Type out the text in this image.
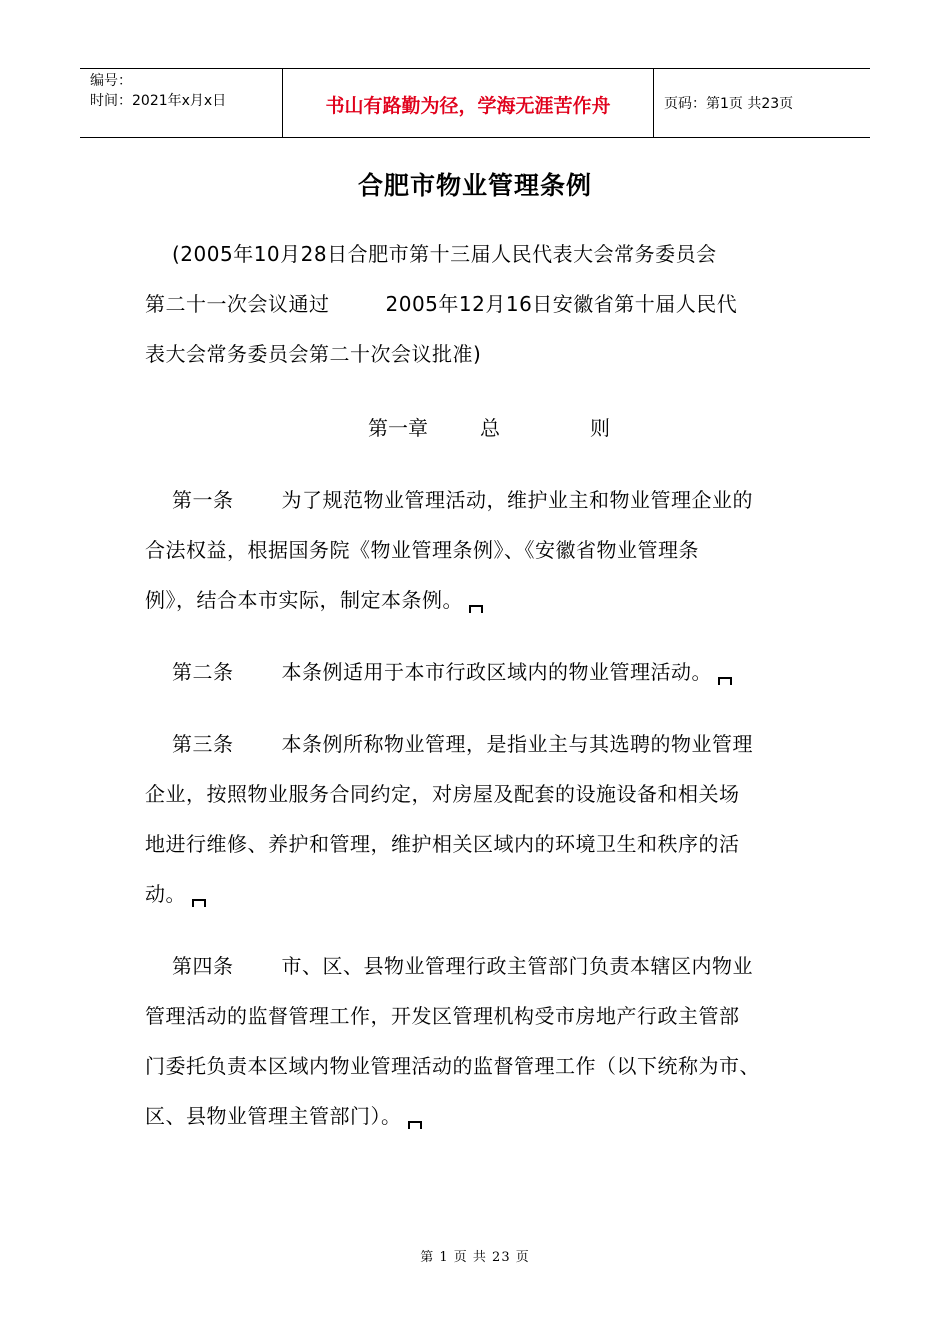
编号：
时间：2021年x月x日	书山有路勤为径，学海无涯苦作舟	页码：第1页 共23页
合肥市物业管理条例
(2005年10月28日合肥市第十三届人民代表大会常务委员会
第二十一次会议通过	2005年12月16日安徽省第十届人民代
表大会常务委员会第二十次会议批准)
第一章	总	则
第一条 为了规范物业管理活动，维护业主和物业管理企业的
合法权益，根据国务院《物业管理条例》、《安徽省物业管理条
例》，结合本市实际，制定本条例。
第二条 本条例适用于本市行政区域内的物业管理活动。
第三条 本条例所称物业管理，是指业主与其选聘的物业管理
企业，按照物业服务合同约定，对房屋及配套的设施设备和相关场
地进行维修、养护和管理，维护相关区域内的环境卫生和秩序的活
动。
第四条 市、区、县物业管理行政主管部门负责本辖区内物业
管理活动的监督管理工作，开发区管理机构受市房地产行政主管部
门委托负责本区域内物业管理活动的监督管理工作（以下统称为市、
区、县物业管理主管部门）。
第 1 页 共 23 页
